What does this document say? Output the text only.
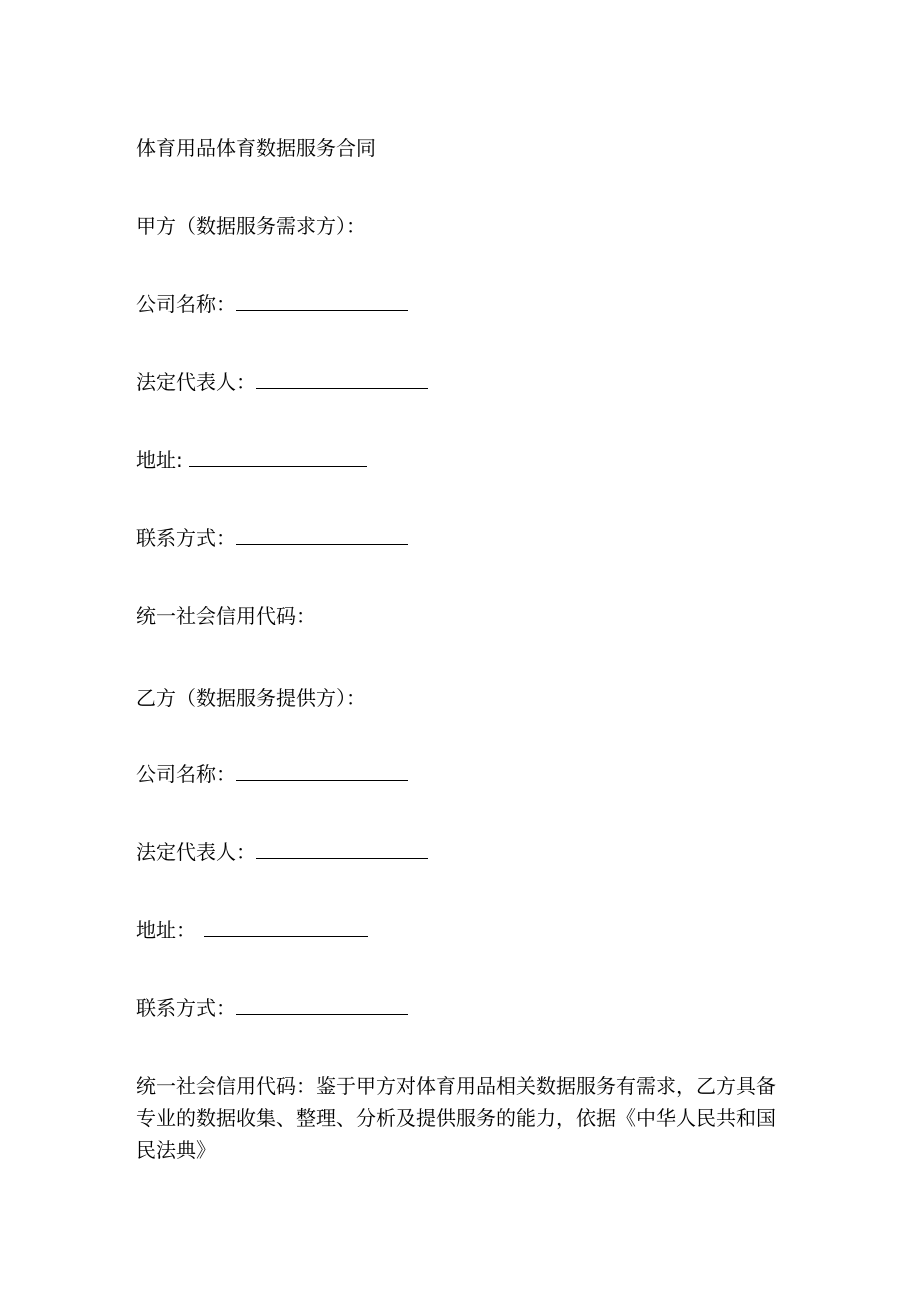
体育用品体育数据服务合同

甲方（数据服务需求方）：

公司名称：

法定代表人：

地址:

联系方式：

统一社会信用代码：

乙方（数据服务提供方）：

公司名称：

法定代表人：

地址：

联系方式：

统一社会信用代码：鉴于甲方对体育用品相关数据服务有需求，乙方具备专业的数据收集、整理、分析及提供服务的能力，依据《中华人民共和国民法典》
